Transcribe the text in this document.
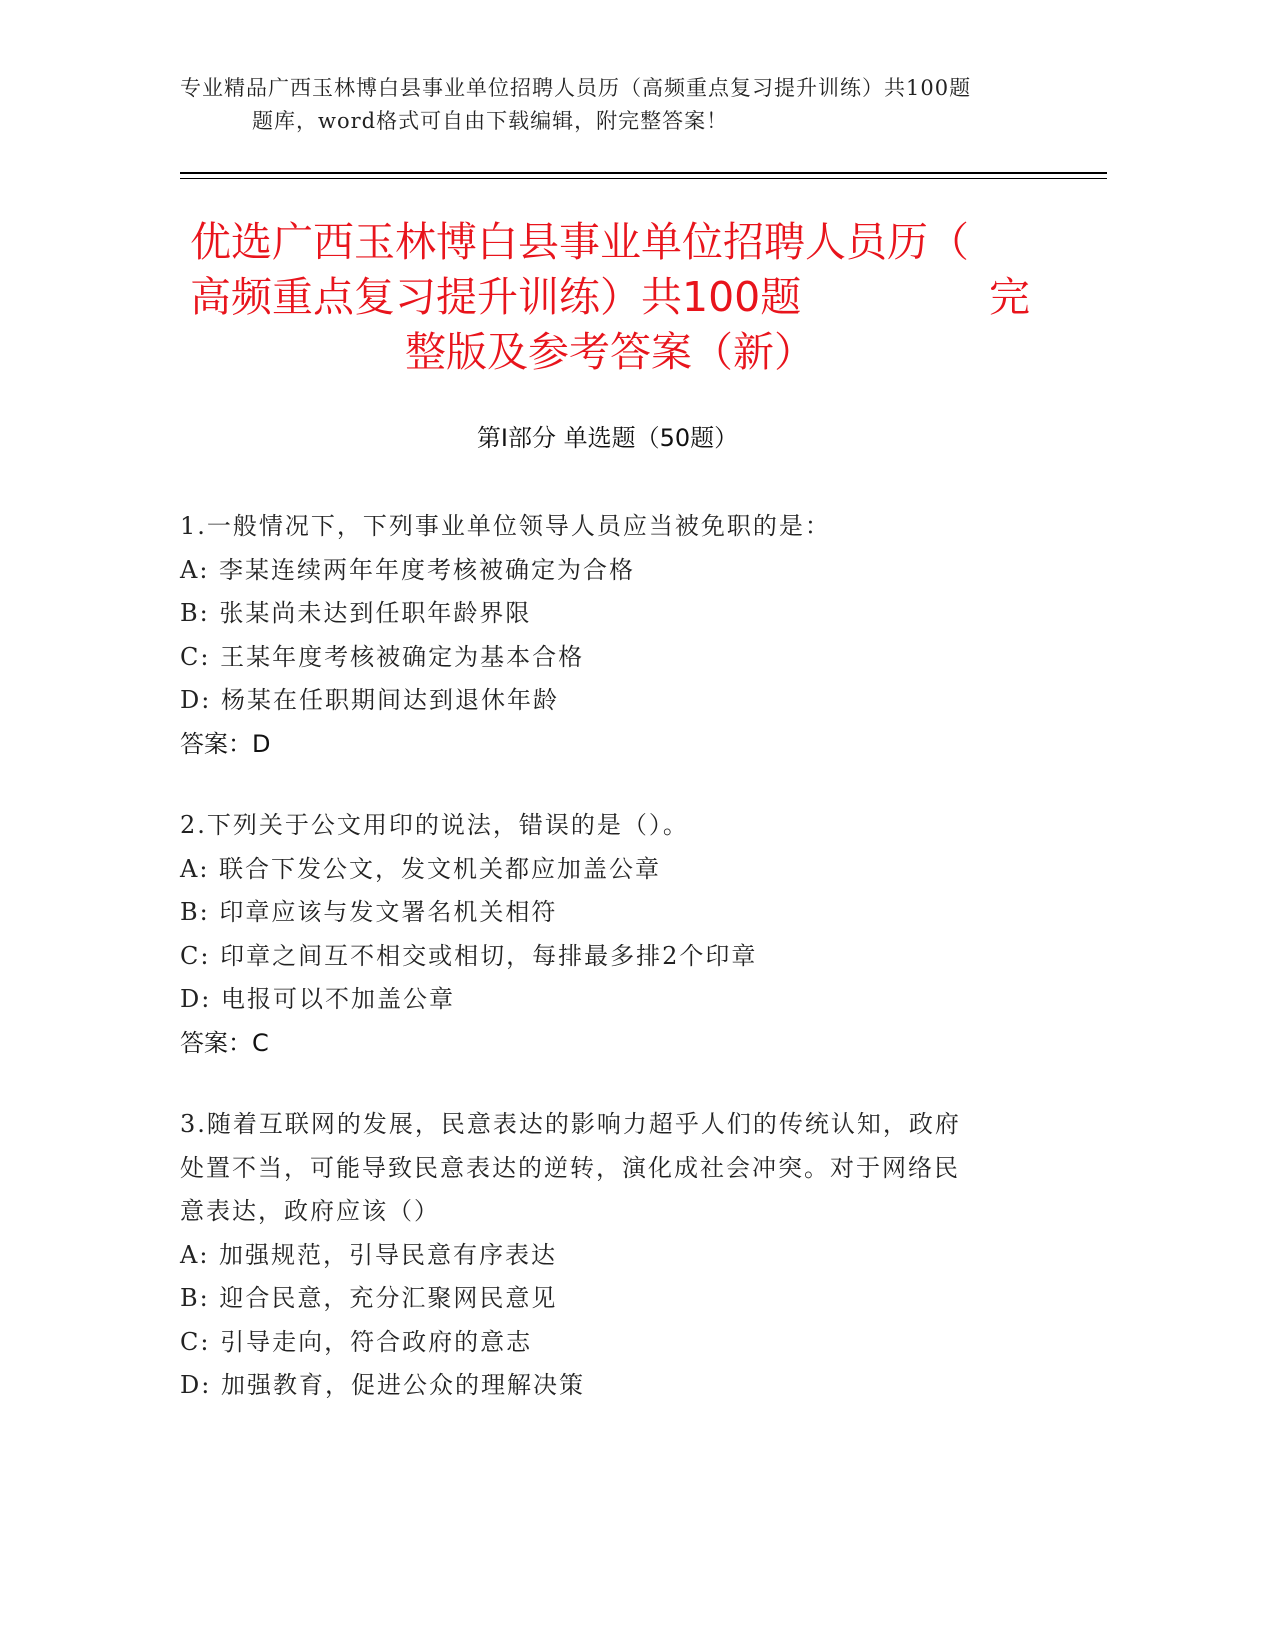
专业精品广西玉林博白县事业单位招聘人员历（高频重点复习提升训练）共100题
题库，word格式可自由下载编辑，附完整答案！
优选广西玉林博白县事业单位招聘人员历（
高频重点复习提升训练）共100题	完
整版及参考答案（新）
第Ⅰ部分 单选题（50题）
1.一般情况下，下列事业单位领导人员应当被免职的是：
A: 李某连续两年年度考核被确定为合格
B: 张某尚未达到任职年龄界限
C: 王某年度考核被确定为基本合格
D: 杨某在任职期间达到退休年龄
答案：D
2.下列关于公文用印的说法，错误的是（）。
A: 联合下发公文，发文机关都应加盖公章
B: 印章应该与发文署名机关相符
C: 印章之间互不相交或相切，每排最多排2个印章
D: 电报可以不加盖公章
答案：C
3.随着互联网的发展，民意表达的影响力超乎人们的传统认知，政府
处置不当，可能导致民意表达的逆转，演化成社会冲突。对于网络民
意表达，政府应该（）
A: 加强规范，引导民意有序表达
B: 迎合民意，充分汇聚网民意见
C: 引导走向，符合政府的意志
D: 加强教育，促进公众的理解决策
